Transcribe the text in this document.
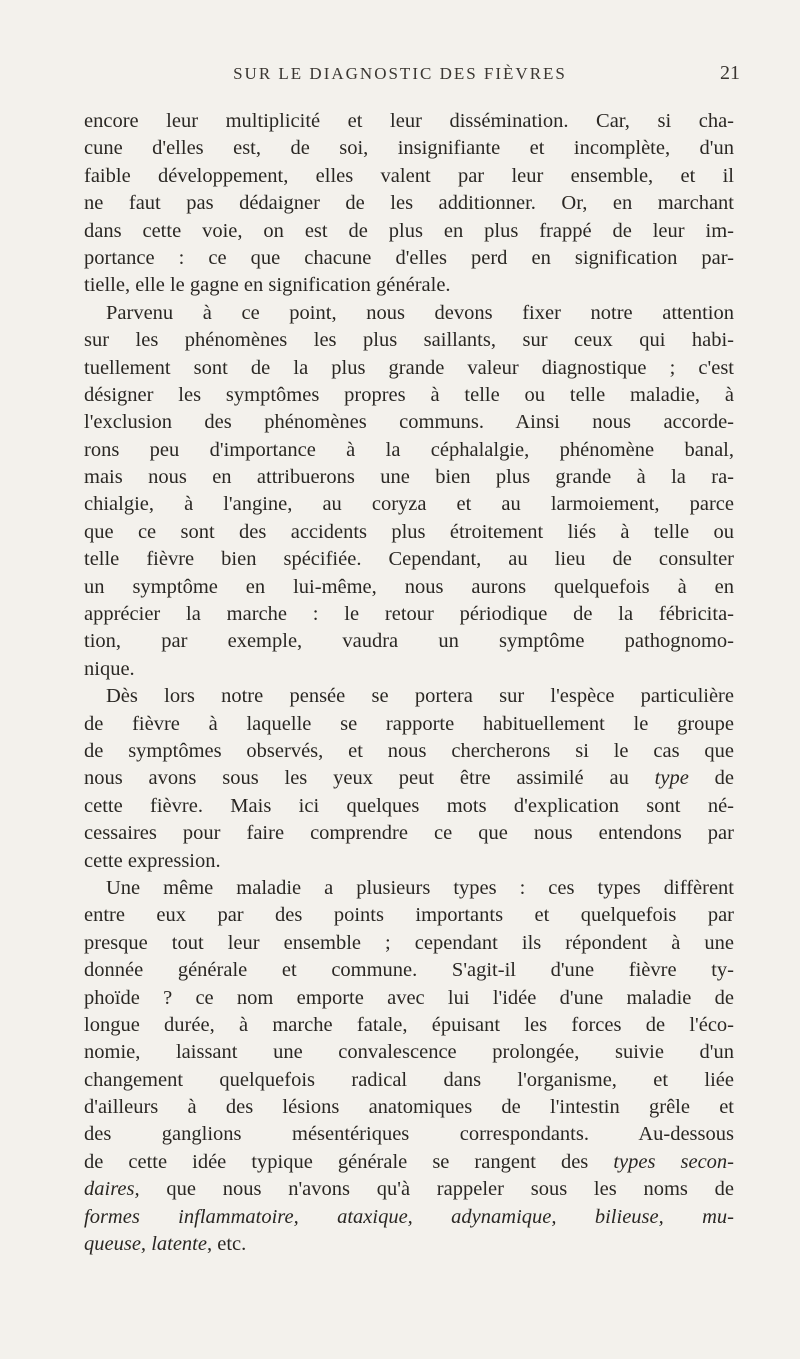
SUR LE DIAGNOSTIC DES FIÈVRES	21
encore leur multiplicité et leur dissémination. Car, si cha-
cune d'elles est, de soi, insignifiante et incomplète, d'un
faible développement, elles valent par leur ensemble, et il
ne faut pas dédaigner de les additionner. Or, en marchant
dans cette voie, on est de plus en plus frappé de leur im-
portance : ce que chacune d'elles perd en signification par-
tielle, elle le gagne en signification générale.
Parvenu à ce point, nous devons fixer notre attention
sur les phénomènes les plus saillants, sur ceux qui habi-
tuellement sont de la plus grande valeur diagnostique ; c'est
désigner les symptômes propres à telle ou telle maladie, à
l'exclusion des phénomènes communs. Ainsi nous accorde-
rons peu d'importance à la céphalalgie, phénomène banal,
mais nous en attribuerons une bien plus grande à la ra-
chialgie, à l'angine, au coryza et au larmoiement, parce
que ce sont des accidents plus étroitement liés à telle ou
telle fièvre bien spécifiée. Cependant, au lieu de consulter
un symptôme en lui-même, nous aurons quelquefois à en
apprécier la marche : le retour périodique de la fébricita-
tion, par exemple, vaudra un symptôme pathognomo-
nique.
Dès lors notre pensée se portera sur l'espèce particulière
de fièvre à laquelle se rapporte habituellement le groupe
de symptômes observés, et nous chercherons si le cas que
nous avons sous les yeux peut être assimilé au type de
cette fièvre. Mais ici quelques mots d'explication sont né-
cessaires pour faire comprendre ce que nous entendons par
cette expression.
Une même maladie a plusieurs types : ces types diffèrent
entre eux par des points importants et quelquefois par
presque tout leur ensemble ; cependant ils répondent à une
donnée générale et commune. S'agit-il d'une fièvre ty-
phoïde ? ce nom emporte avec lui l'idée d'une maladie de
longue durée, à marche fatale, épuisant les forces de l'éco-
nomie, laissant une convalescence prolongée, suivie d'un
changement quelquefois radical dans l'organisme, et liée
d'ailleurs à des lésions anatomiques de l'intestin grêle et
des ganglions mésentériques correspondants. Au-dessous
de cette idée typique générale se rangent des types secon-
daires, que nous n'avons qu'à rappeler sous les noms de
formes inflammatoire, ataxique, adynamique, bilieuse, mu-
queuse, latente, etc.
